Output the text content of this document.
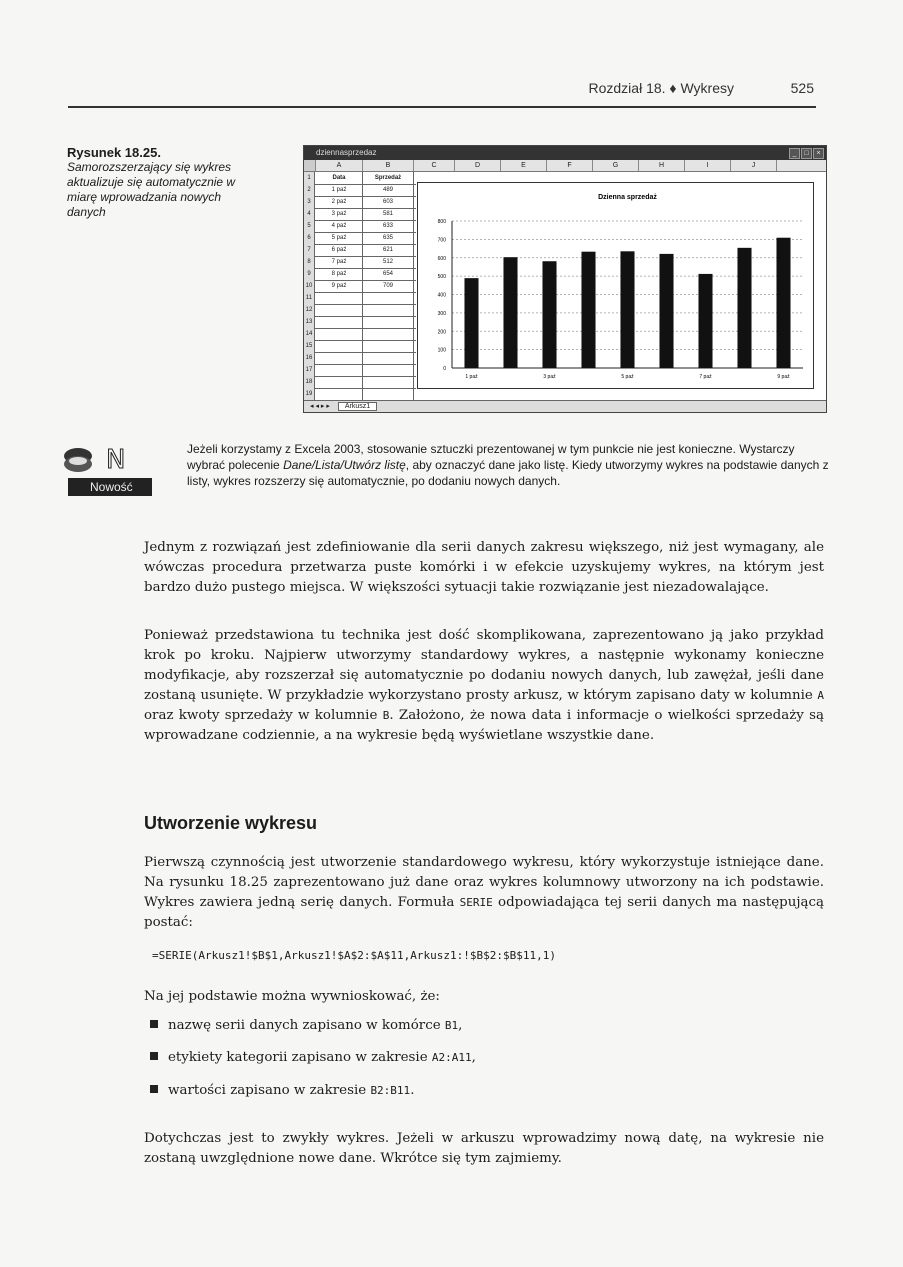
Rozdział 18. ♦ Wykresy	525
Rysunek 18.25.
Samorozszerzający się wykres aktualizuje się automatycznie w miarę wprowadzania nowych danych
dziennasprzedaz	_	□	×
A	B	C	D	E	F	G	H	I	J
Dzienna sprzedaż
0
100
200
300
400
500
600
700
800
1 paź	3 paź	5 paź	7 paź	9 paź
1	Data	Sprzedaż
2	1 paź	489
3	2 paź	603
4	3 paź	581
5	4 paź	633
6	5 paź	635
7	6 paź	621
8	7 paź	512
9	8 paź	654
10	9 paź	709
11
12
13
14
15
16
17
18
19
◂ ◂ ▸ ▸ Arkusz1
N
Nowość
Jeżeli korzystamy z Excela 2003, stosowanie sztuczki prezentowanej w tym punkcie nie jest konieczne. Wystarczy wybrać polecenie Dane/Lista/Utwórz listę, aby oznaczyć dane jako listę. Kiedy utworzymy wykres na podstawie danych z listy, wykres rozszerzy się automatycznie, po dodaniu nowych danych.
Jednym z rozwiązań jest zdefiniowanie dla serii danych zakresu większego, niż jest wymagany, ale wówczas procedura przetwarza puste komórki i w efekcie uzyskujemy wykres, na którym jest bardzo dużo pustego miejsca. W większości sytuacji takie rozwiązanie jest niezadowalające.
Ponieważ przedstawiona tu technika jest dość skomplikowana, zaprezentowano ją jako przykład krok po kroku. Najpierw utworzymy standardowy wykres, a następnie wykonamy konieczne modyfikacje, aby rozszerzał się automatycznie po dodaniu nowych danych, lub zawężał, jeśli dane zostaną usunięte. W przykładzie wykorzystano prosty arkusz, w którym zapisano daty w kolumnie A oraz kwoty sprzedaży w kolumnie B. Założono, że nowa data i informacje o wielkości sprzedaży są wprowadzane codziennie, a na wykresie będą wyświetlane wszystkie dane.
Utworzenie wykresu
Pierwszą czynnością jest utworzenie standardowego wykresu, który wykorzystuje istniejące dane. Na rysunku 18.25 zaprezentowano już dane oraz wykres kolumnowy utworzony na ich podstawie. Wykres zawiera jedną serię danych. Formuła SERIE odpowiadająca tej serii danych ma następującą postać:
=SERIE(Arkusz1!$B$1,Arkusz1!$A$2:$A$11,Arkusz1:!$B$2:$B$11,1)
Na jej podstawie można wywnioskować, że:
nazwę serii danych zapisano w komórce B1,
etykiety kategorii zapisano w zakresie A2:A11,
wartości zapisano w zakresie B2:B11.
Dotychczas jest to zwykły wykres. Jeżeli w arkuszu wprowadzimy nową datę, na wykresie nie zostaną uwzględnione nowe dane. Wkrótce się tym zajmiemy.
